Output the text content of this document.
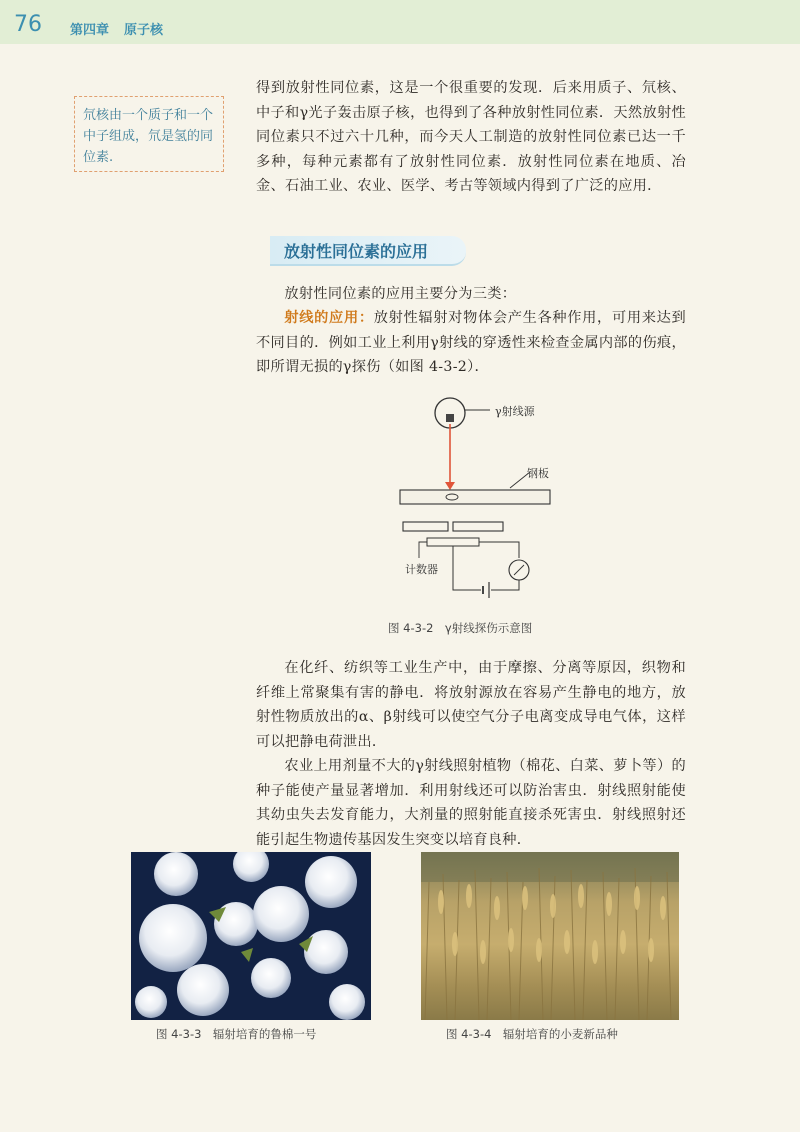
76 第四章 原子核
氘核由一个质子和一个中子组成，氘是氢的同位素.
得到放射性同位素，这是一个很重要的发现．后来用质子、氘核、中子和γ光子轰击原子核，也得到了各种放射性同位素．天然放射性同位素只不过六十几种，而今天人工制造的放射性同位素已达一千多种，每种元素都有了放射性同位素．放射性同位素在地质、冶金、石油工业、农业、医学、考古等领域内得到了广泛的应用．
放射性同位素的应用
放射性同位素的应用主要分为三类：
射线的应用：放射性辐射对物体会产生各种作用，可用来达到不同目的．例如工业上利用γ射线的穿透性来检查金属内部的伤痕，即所谓无损的γ探伤（如图 4-3-2）．
γ射线源
钢板
计数器
图 4-3-2　γ射线探伤示意图
在化纤、纺织等工业生产中，由于摩擦、分离等原因，织物和纤维上常聚集有害的静电．将放射源放在容易产生静电的地方，放射性物质放出的α、β射线可以使空气分子电离变成导电气体，这样可以把静电荷泄出．
农业上用剂量不大的γ射线照射植物（棉花、白菜、萝卜等）的种子能使产量显著增加．利用射线还可以防治害虫．射线照射能使其幼虫失去发育能力，大剂量的照射能直接杀死害虫．射线照射还能引起生物遗传基因发生突变以培育良种．
图 4-3-3　辐射培育的鲁棉一号	图 4-3-4　辐射培育的小麦新品种
